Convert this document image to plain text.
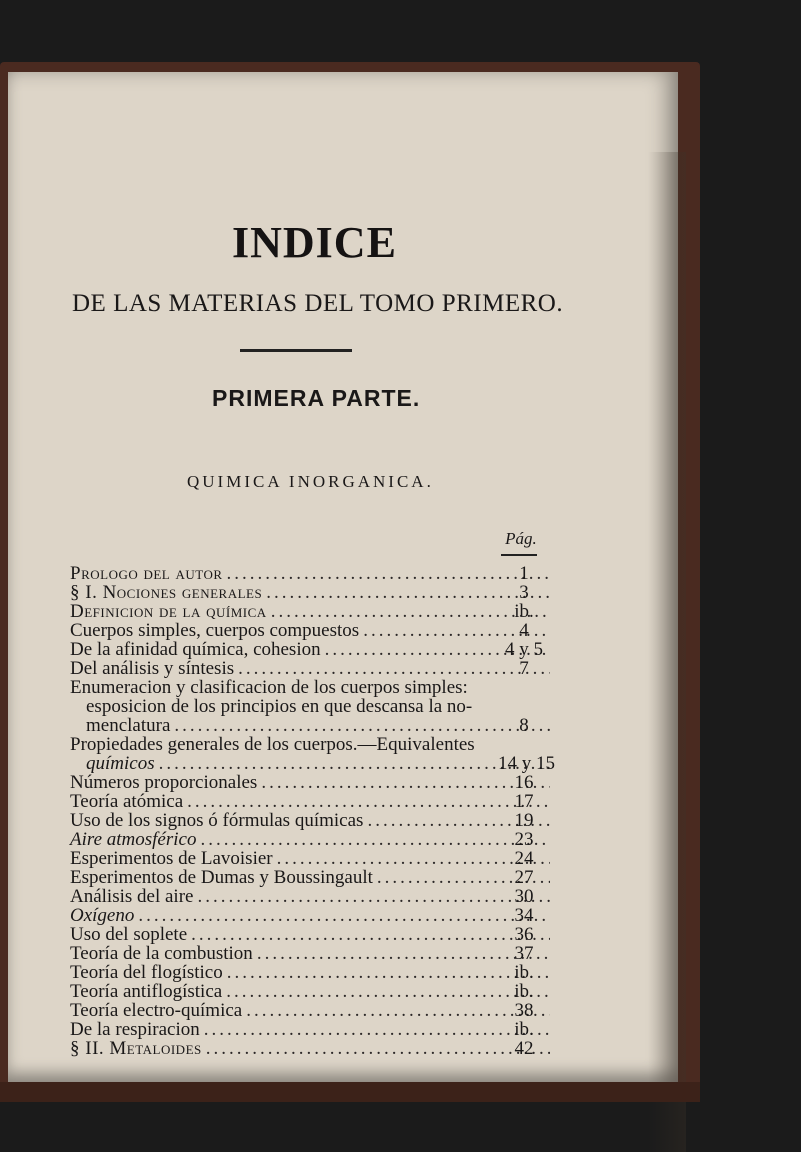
INDICE
DE LAS MATERIAS DEL TOMO PRIMERO.
PRIMERA PARTE.
QUIMICA INORGANICA.
Pág.
Prologo del autor .....	1
§ I. Nociones generales .....	3
Definicion de la química .....	ib.
Cuerpos simples, cuerpos compuestos .....	4
De la afinidad química, cohesion .....	4 y 5
Del análisis y síntesis .....	7
Enumeracion y clasificacion de los cuerpos simples:
esposicion de los principios en que descansa la no-
menclatura .....	8
Propiedades generales de los cuerpos.—Equivalentes
químicos .....	14 y 15
Números proporcionales .....	16
Teoría atómica .....	17
Uso de los signos ó fórmulas químicas .....	19
Aire atmosférico .....	23
Esperimentos de Lavoisier .....	24
Esperimentos de Dumas y Boussingault .....	27
Análisis del aire .....	30
Oxígeno .....	34
Uso del soplete .....	36
Teoría de la combustion .....	37
Teoría del flogístico .....	ib.
Teoría antiflogística .....	ib.
Teoría electro-química .....	38
De la respiracion .....	ib.
§ II. Metaloides .....	42
